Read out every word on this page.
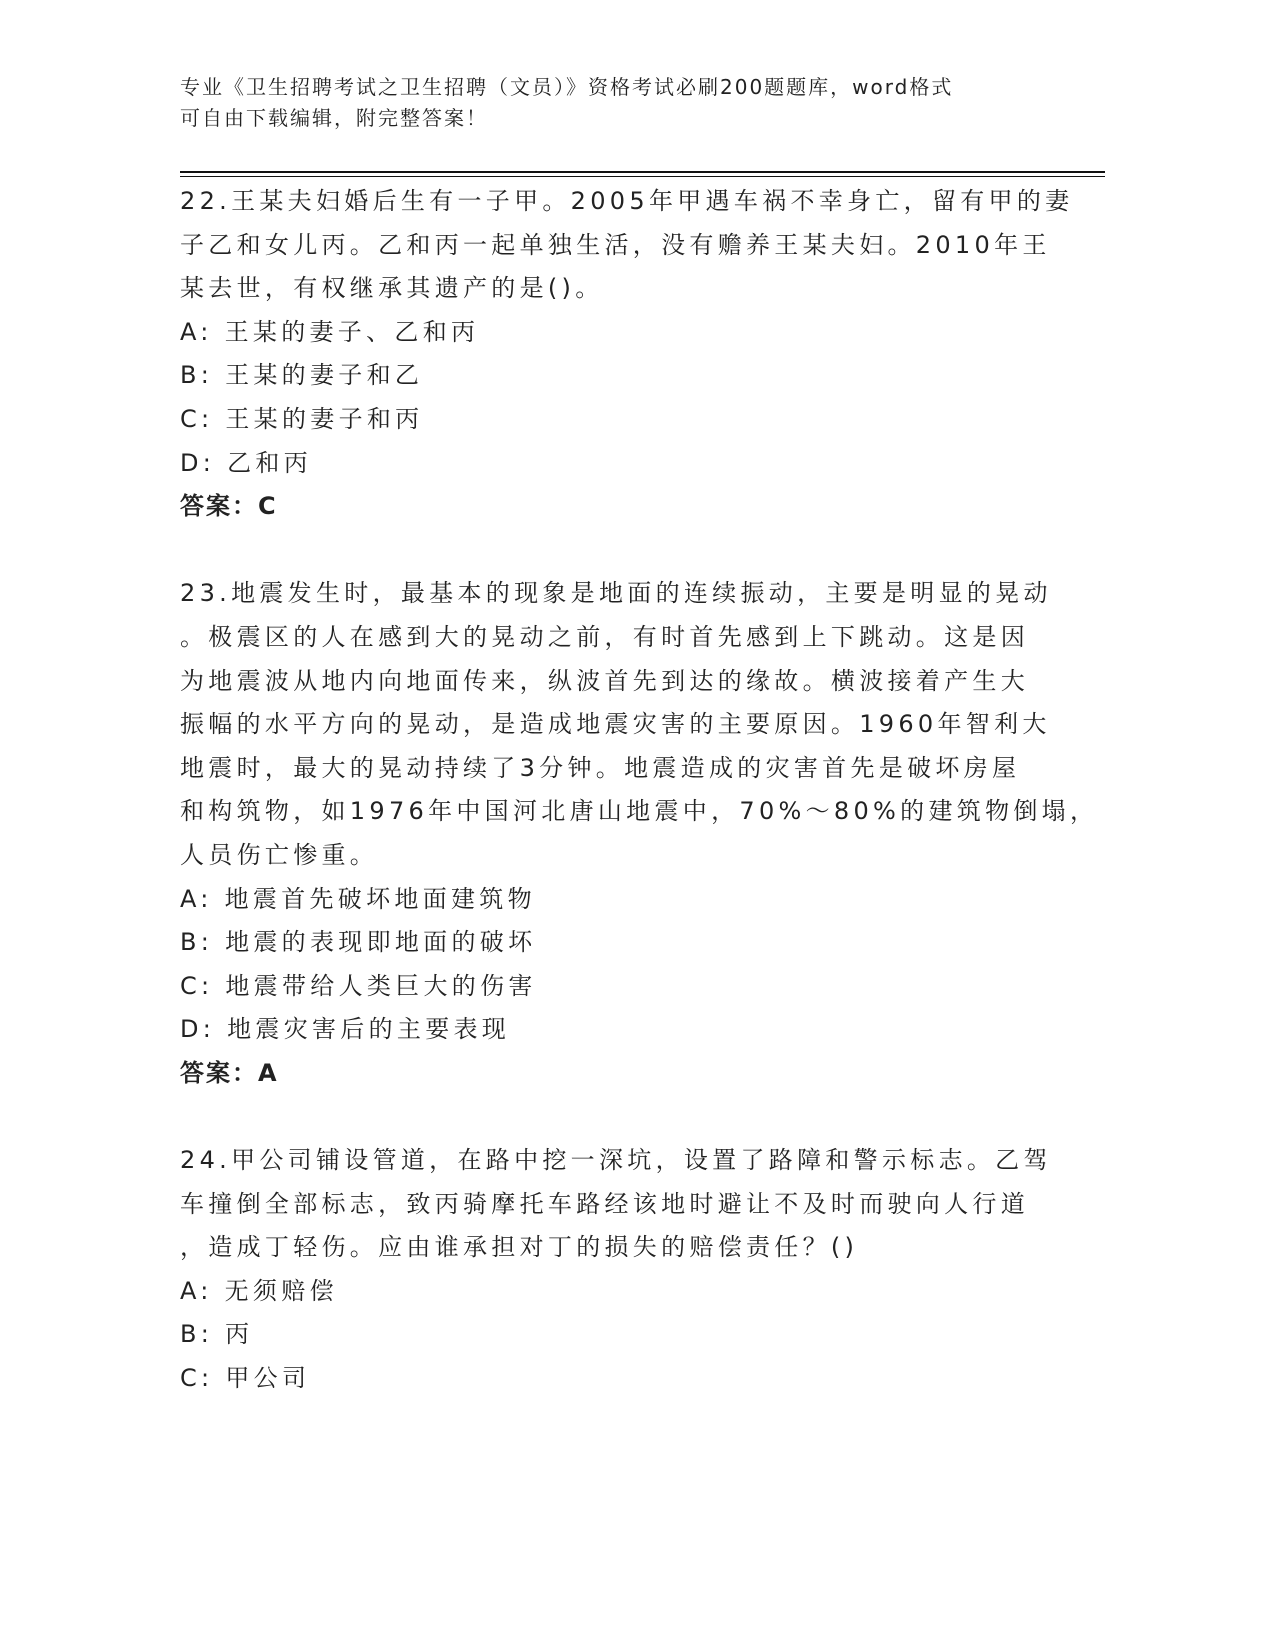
专业《卫生招聘考试之卫生招聘（文员）》资格考试必刷200题题库，word格式
可自由下载编辑，附完整答案！
22.王某夫妇婚后生有一子甲。2005年甲遇车祸不幸身亡，留有甲的妻
子乙和女儿丙。乙和丙一起单独生活，没有赡养王某夫妇。2010年王
某去世，有权继承其遗产的是()。
A: 王某的妻子、乙和丙
B: 王某的妻子和乙
C: 王某的妻子和丙
D: 乙和丙
答案：C
23.地震发生时，最基本的现象是地面的连续振动，主要是明显的晃动
。极震区的人在感到大的晃动之前，有时首先感到上下跳动。这是因
为地震波从地内向地面传来，纵波首先到达的缘故。横波接着产生大
振幅的水平方向的晃动，是造成地震灾害的主要原因。1960年智利大
地震时，最大的晃动持续了3分钟。地震造成的灾害首先是破坏房屋
和构筑物，如1976年中国河北唐山地震中，70%～80%的建筑物倒塌，
人员伤亡惨重。
A: 地震首先破坏地面建筑物
B: 地震的表现即地面的破坏
C: 地震带给人类巨大的伤害
D: 地震灾害后的主要表现
答案：A
24.甲公司铺设管道，在路中挖一深坑，设置了路障和警示标志。乙驾
车撞倒全部标志，致丙骑摩托车路经该地时避让不及时而驶向人行道
，造成丁轻伤。应由谁承担对丁的损失的赔偿责任？()
A: 无须赔偿
B: 丙
C: 甲公司
